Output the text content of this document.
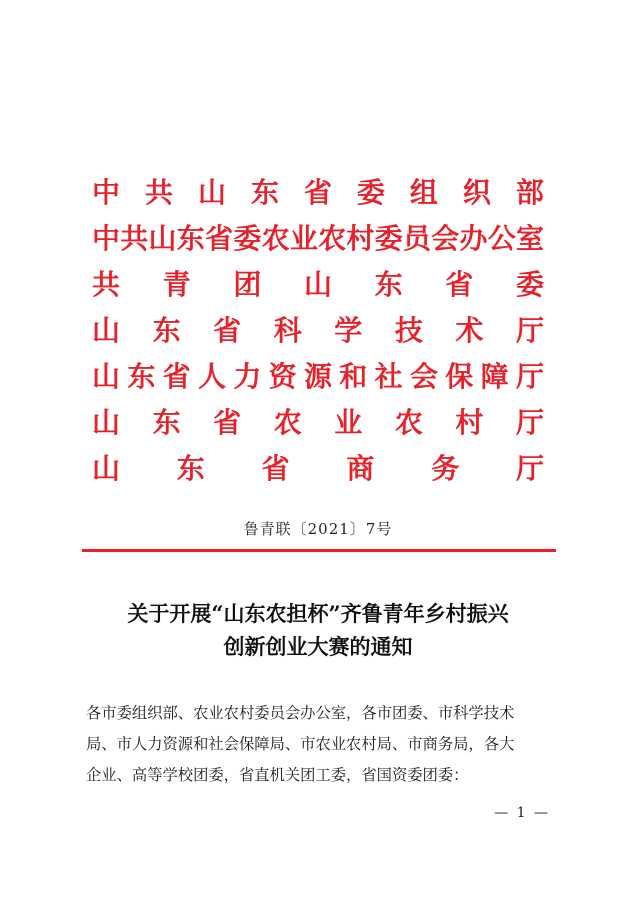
中 共 山 东 省 委 组 织 部
中 共 山 东 省 委 农 业 农 村 委 员 会 办 公 室
共 青 团 山 东 省 委
山 东 省 科 学 技 术 厅
山 东 省 人 力 资 源 和 社 会 保 障 厅
山 东 省 农 业 农 村 厅
山 东 省 商 务 厅
鲁青联〔2021〕7号
关于开展“山东农担杯”齐鲁青年乡村振兴
创新创业大赛的通知
各市委组织部、农业农村委员会办公室，各市团委、市科学技术
局、市人力资源和社会保障局、市农业农村局、市商务局，各大
企业、高等学校团委，省直机关团工委，省国资委团委：
— 1 —
